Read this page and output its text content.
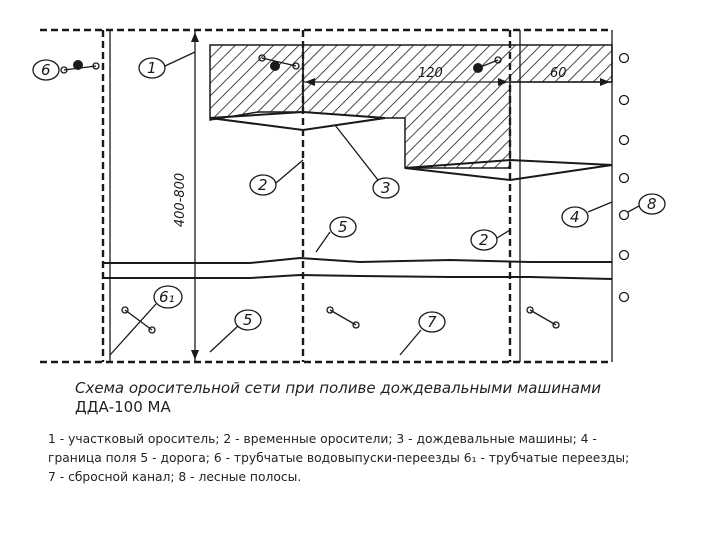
400-800
120	60
6	1
2	3
4
8
5
2
6₁
5	7
Схема оросительной сети при поливе дождевальными машинами
ДДА-100 МА
1 - участковый ороситель; 2 - временные оросители; 3 - дождевальные машины; 4 -
граница поля 5 - дорога; 6 - трубчатые водовыпуски-переезды 6₁ - трубчатые переезды;
7 - сбросной канал; 8 - лесные полосы.
